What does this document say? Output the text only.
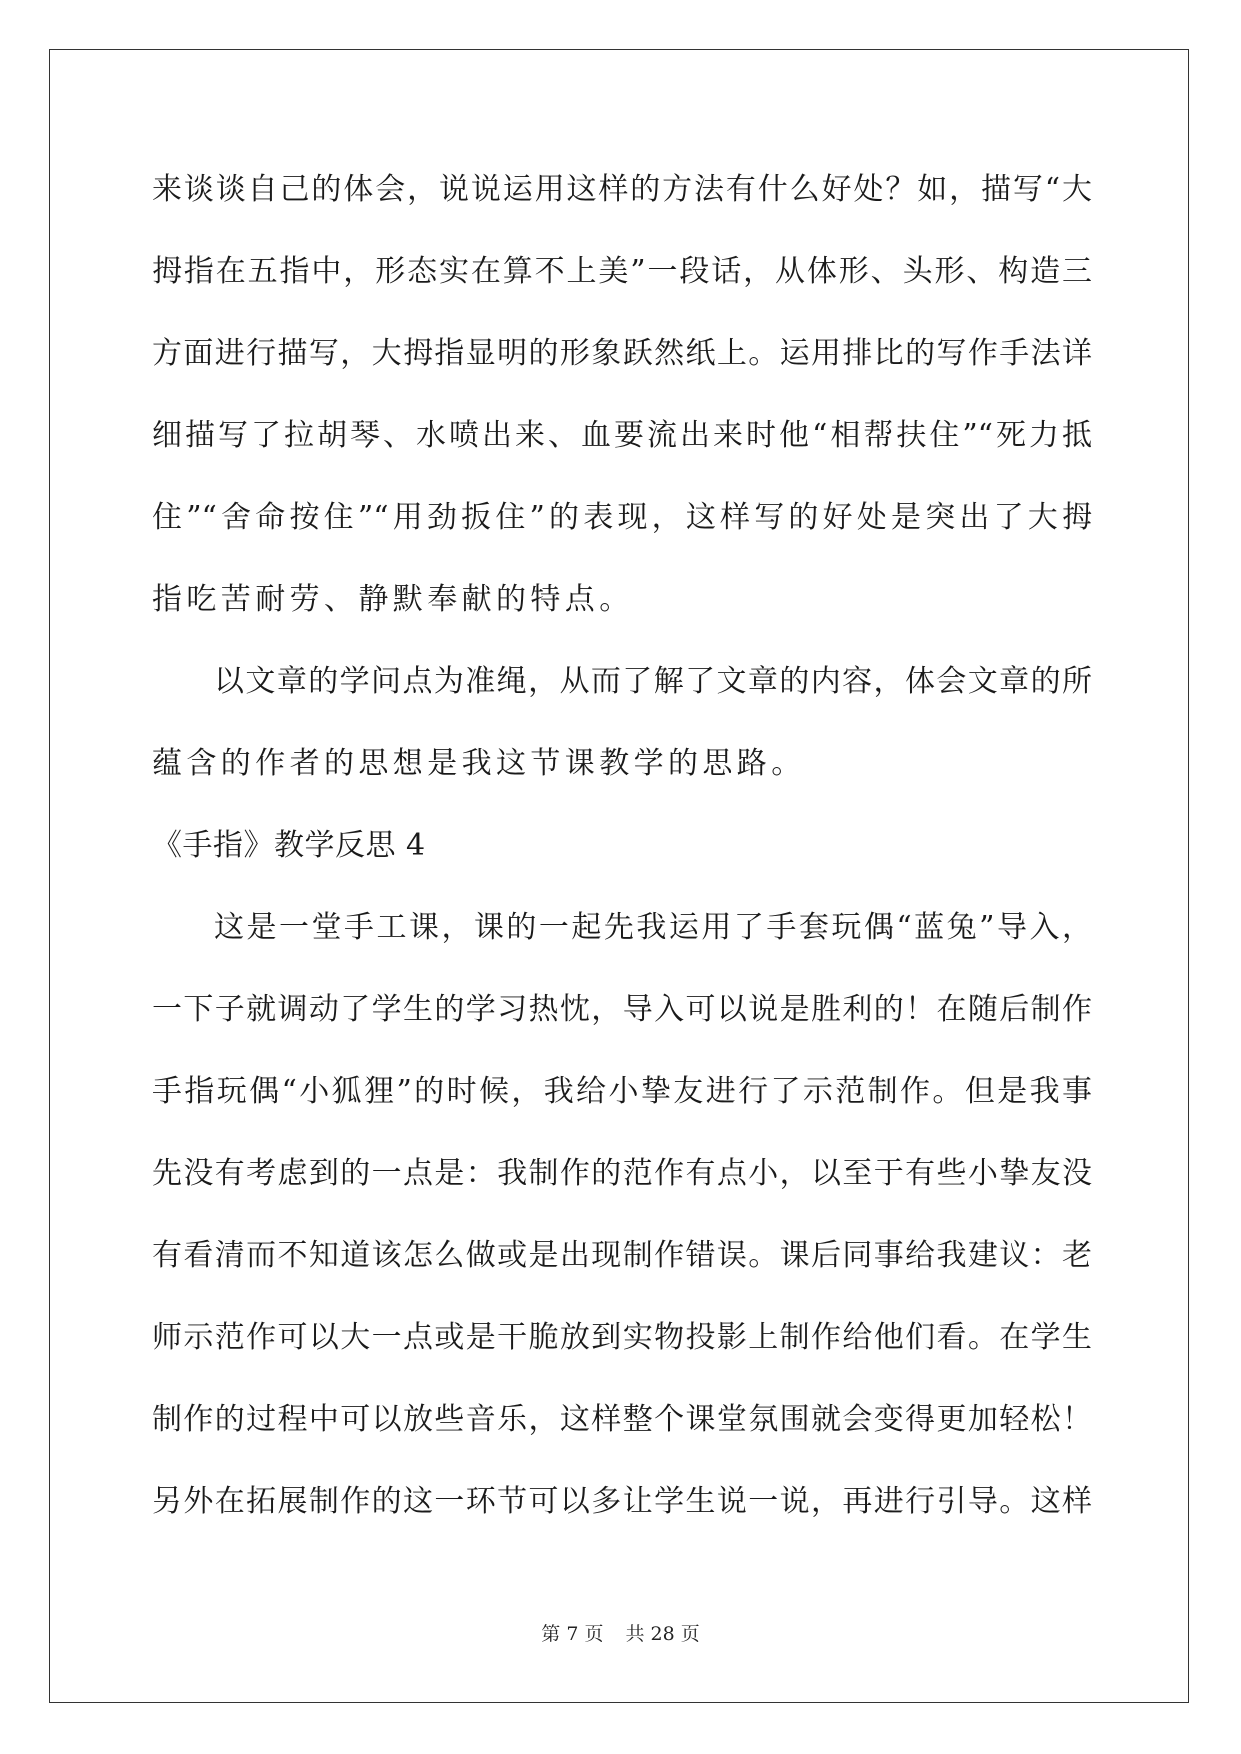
来谈谈自己的体会，说说运用这样的方法有什么好处？如，描写“大
拇指在五指中，形态实在算不上美”一段话，从体形、头形、构造三
方面进行描写，大拇指显明的形象跃然纸上。运用排比的写作手法详
细描写了拉胡琴、水喷出来、血要流出来时他“相帮扶住”“死力抵
住”“舍命按住”“用劲扳住”的表现，这样写的好处是突出了大拇
指吃苦耐劳、静默奉献的特点。
以文章的学问点为准绳，从而了解了文章的内容，体会文章的所
蕴含的作者的思想是我这节课教学的思路。
《手指》教学反思 4
这是一堂手工课，课的一起先我运用了手套玩偶“蓝兔”导入，
一下子就调动了学生的学习热忱，导入可以说是胜利的！在随后制作
手指玩偶“小狐狸”的时候，我给小挚友进行了示范制作。但是我事
先没有考虑到的一点是：我制作的范作有点小，以至于有些小挚友没
有看清而不知道该怎么做或是出现制作错误。课后同事给我建议：老
师示范作可以大一点或是干脆放到实物投影上制作给他们看。在学生
制作的过程中可以放些音乐，这样整个课堂氛围就会变得更加轻松！
另外在拓展制作的这一环节可以多让学生说一说，再进行引导。这样
第 7 页 共 28 页
